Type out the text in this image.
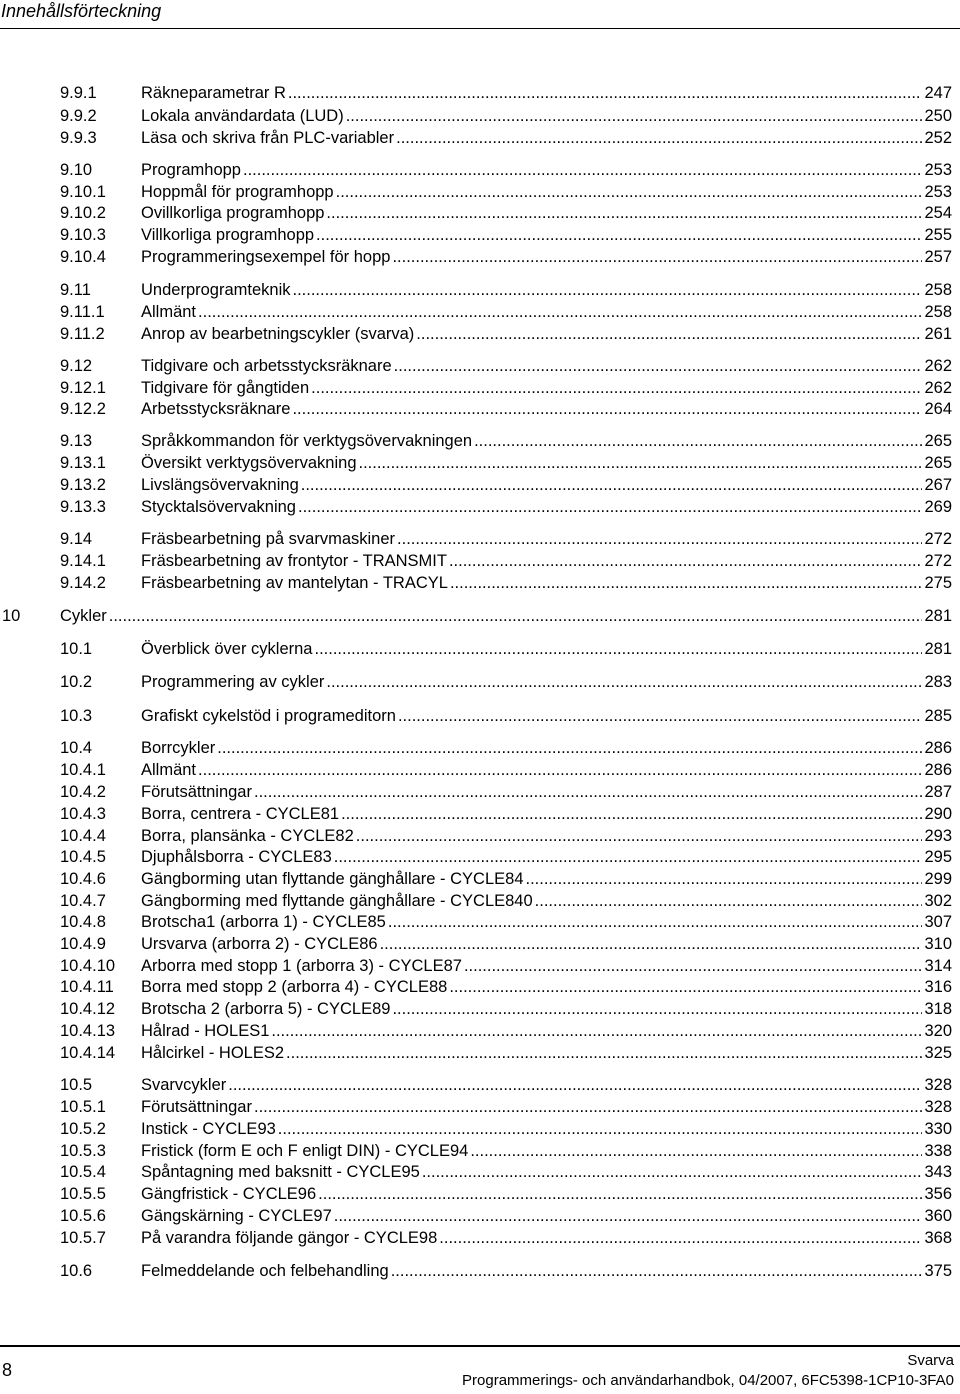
Innehållsförteckning
9.9.1	Räkneparametrar R .....	247
9.9.2	Lokala användardata (LUD) .....	250
9.9.3	Läsa och skriva från PLC-variabler .....	252
9.10	Programhopp .....	253
9.10.1 Hoppmål för programhopp .....	253
9.10.2 Ovillkorliga programhopp .....	254
9.10.3 Villkorliga programhopp .....	255
9.10.4 Programmeringsexempel för hopp .....	257
9.11	Underprogramteknik .....	258
9.11.1 Allmänt .....	258
9.11.2 Anrop av bearbetningscykler (svarva) .....	261
9.12	Tidgivare och arbetsstycksräknare .....	262
9.12.1 Tidgivare för gångtiden .....	262
9.12.2 Arbetsstycksräknare .....	264
9.13	Språkkommandon för verktygsövervakningen .....	265
9.13.1 Översikt verktygsövervakning .....	265
9.13.2 Livslängsövervakning .....	267
9.13.3 Stycktalsövervakning .....	269
9.14	Fräsbearbetning på svarvmaskiner .....	272
9.14.1 Fräsbearbetning av frontytor - TRANSMIT .....	272
9.14.2 Fräsbearbetning av mantelytan - TRACYL .....	275
10 Cykler .....	281
10.1	Överblick över cyklerna .....	281
10.2	Programmering av cykler .....	283
10.3	Grafiskt cykelstöd i programeditorn .....	285
10.4	Borrcykler .....	286
10.4.1 Allmänt .....	286
10.4.2 Förutsättningar .....	287
10.4.3 Borra, centrera - CYCLE81 .....	290
10.4.4 Borra, plansänka - CYCLE82 .....	293
10.4.5 Djuphålsborra - CYCLE83 .....	295
10.4.6 Gängborming utan flyttande gänghållare - CYCLE84 .....	299
10.4.7 Gängborming med flyttande gänghållare - CYCLE840 .....	302
10.4.8 Brotscha1 (arborra 1) - CYCLE85 .....	307
10.4.9 Ursvarva (arborra 2) - CYCLE86 .....	310
10.4.10 Arborra med stopp 1 (arborra 3) - CYCLE87 .....	314
10.4.11 Borra med stopp 2 (arborra 4) - CYCLE88 .....	316
10.4.12 Brotscha 2 (arborra 5) - CYCLE89 .....	318
10.4.13 Hålrad - HOLES1 .....	320
10.4.14 Hålcirkel - HOLES2 .....	325
10.5	Svarvcykler .....	328
10.5.1 Förutsättningar .....	328
10.5.2 Instick - CYCLE93 .....	330
10.5.3 Fristick (form E och F enligt DIN) - CYCLE94 .....	338
10.5.4 Spåntagning med baksnitt - CYCLE95 .....	343
10.5.5 Gängfristick - CYCLE96 .....	356
10.5.6 Gängskärning - CYCLE97 .....	360
10.5.7 På varandra följande gängor - CYCLE98 .....	368
10.6	Felmeddelande och felbehandling .....	375
8	Svarva
Programmerings- och användarhandbok, 04/2007, 6FC5398-1CP10-3FA0
